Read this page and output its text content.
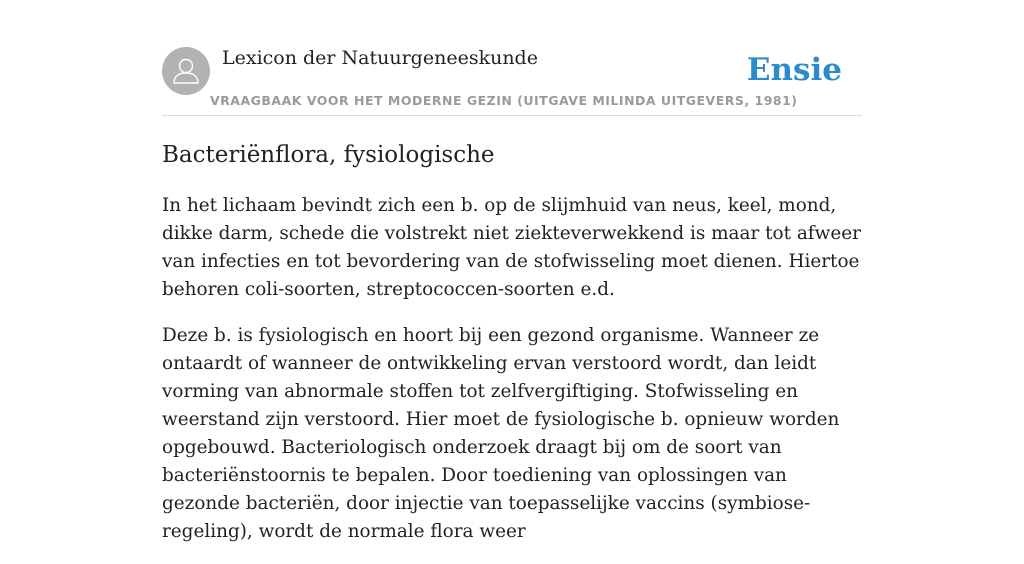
Lexicon der Natuurgeneeskunde
VRAAGBAAK VOOR HET MODERNE GEZIN (UITGAVE MILINDA UITGEVERS, 1981)
Ensie
Bacteriënflora, fysiologische

In het lichaam bevindt zich een b. op de slijmhuid van neus, keel, mond, dikke darm, schede die volstrekt niet ziekteverwekkend is maar tot afweer van infecties en tot bevordering van de stofwisseling moet dienen. Hiertoe behoren coli-soorten, streptococcen-soorten e.d.

Deze b. is fysiologisch en hoort bij een gezond organisme. Wanneer ze ontaardt of wanneer de ontwikkeling ervan verstoord wordt, dan leidt vorming van abnormale stoffen tot zelfvergiftiging. Stofwisseling en weerstand zijn verstoord. Hier moet de fysiologische b. opnieuw worden opgebouwd. Bacteriologisch onderzoek draagt bij om de soort van bacteriënstoornis te bepalen. Door toediening van oplossingen van gezonde bacteriën, door injectie van toepasselijke vaccins (symbiose-regeling), wordt de normale flora weer
